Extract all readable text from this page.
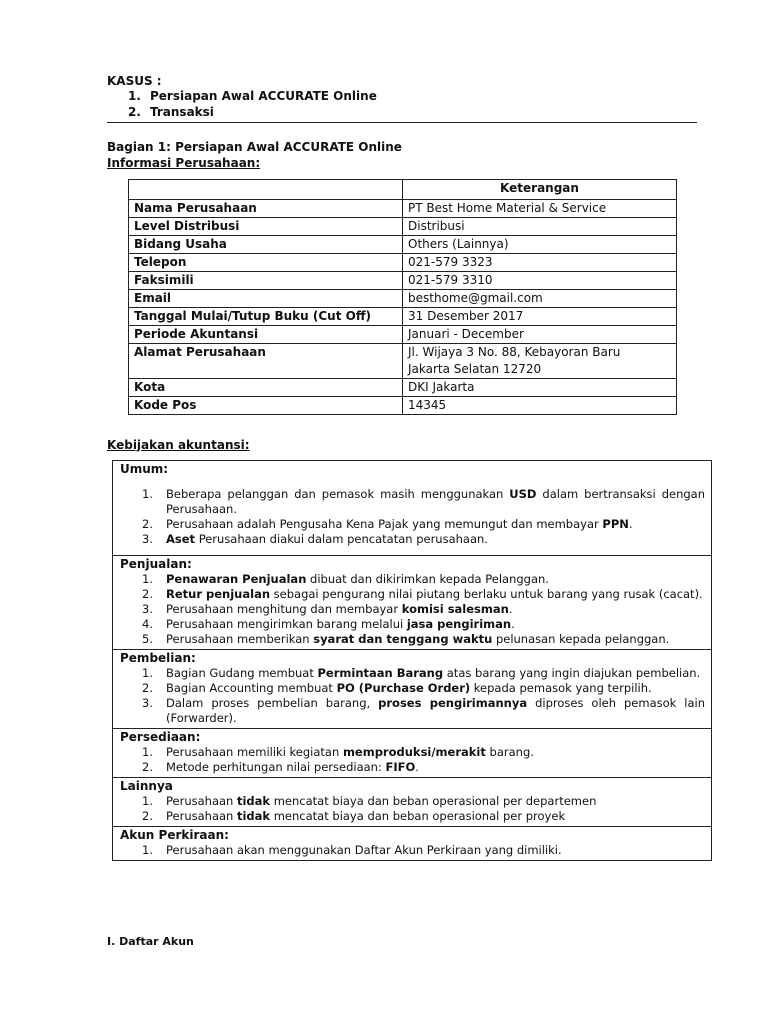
KASUS :
1. Persiapan Awal ACCURATE Online
2. Transaksi
Bagian 1: Persiapan Awal ACCURATE Online
Informasi Perusahaan:
	Keterangan
Nama Perusahaan	PT Best Home Material & Service
Level Distribusi	Distribusi
Bidang Usaha	Others (Lainnya)
Telepon	021-579 3323
Faksimili	021-579 3310
Email	besthome@gmail.com
Tanggal Mulai/Tutup Buku (Cut Off)	31 Desember 2017
Periode Akuntansi	Januari - December
Alamat Perusahaan	Jl. Wijaya 3 No. 88, Kebayoran Baru
Jakarta Selatan 12720

Kota	DKI Jakarta
Kode Pos	14345
Kebijakan akuntansi:
Umum:
1. Beberapa pelanggan dan pemasok masih menggunakan USD dalam bertransaksi dengan Perusahaan.
2. Perusahaan adalah Pengusaha Kena Pajak yang memungut dan membayar PPN.
3. Aset Perusahaan diakui dalam pencatatan perusahaan.
Penjualan:
1. Penawaran Penjualan dibuat dan dikirimkan kepada Pelanggan.
2. Retur penjualan sebagai pengurang nilai piutang berlaku untuk barang yang rusak (cacat).
3. Perusahaan menghitung dan membayar komisi salesman.
4. Perusahaan mengirimkan barang melalui jasa pengiriman.
5. Perusahaan memberikan syarat dan tenggang waktu pelunasan kepada pelanggan.
Pembelian:
1. Bagian Gudang membuat Permintaan Barang atas barang yang ingin diajukan pembelian.
2. Bagian Accounting membuat PO (Purchase Order) kepada pemasok yang terpilih.
3. Dalam proses pembelian barang, proses pengirimannya diproses oleh pemasok lain (Forwarder).
Persediaan:
1. Perusahaan memiliki kegiatan memproduksi/merakit barang.
2. Metode perhitungan nilai persediaan: FIFO.
Lainnya
1. Perusahaan tidak mencatat biaya dan beban operasional per departemen
2. Perusahaan tidak mencatat biaya dan beban operasional per proyek
Akun Perkiraan:
1. Perusahaan akan menggunakan Daftar Akun Perkiraan yang dimiliki.
I. Daftar Akun
